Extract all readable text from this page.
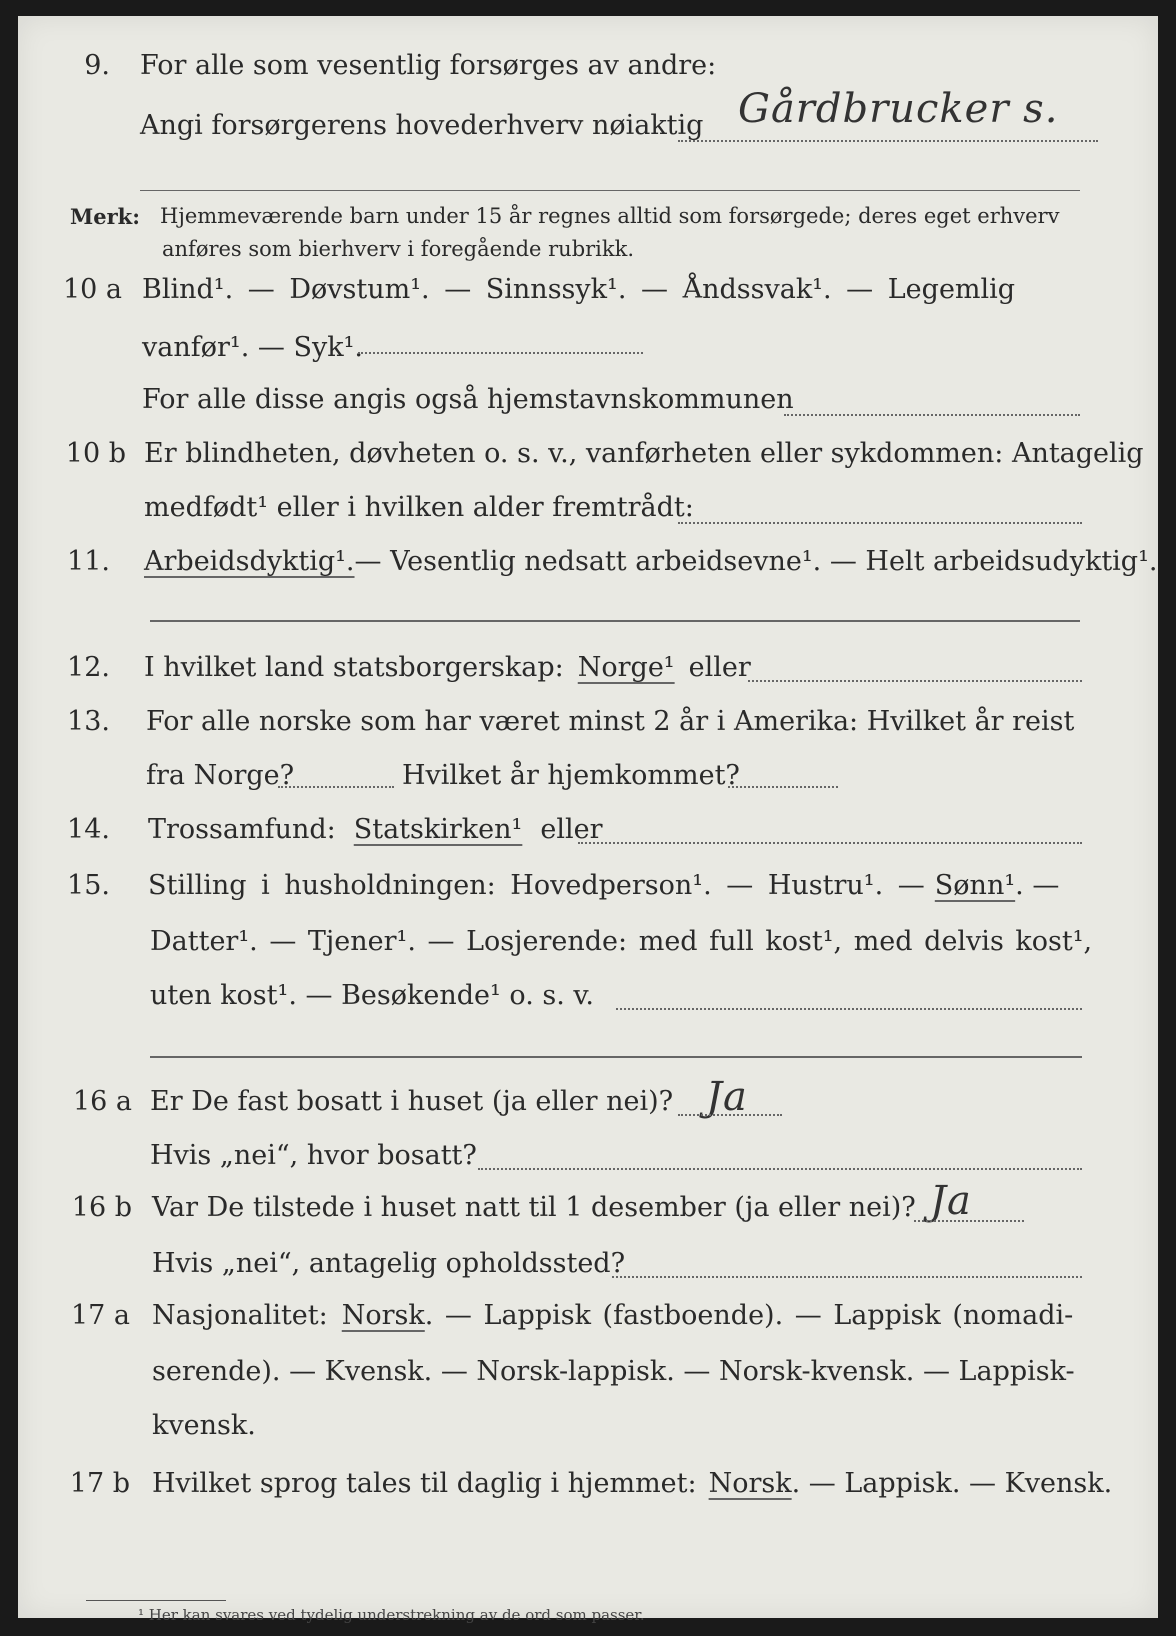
9. For alle som vesentlig forsørges av andre:
Angi forsørgerens hovederhverv nøiaktig Gårdbrucker s.
Merk: Hjemmeværende barn under 15 år regnes alltid som forsørgede; deres eget erhverv
anføres som bierhverv i foregående rubrikk.
10 a Blind¹. — Døvstum¹. — Sinnssyk¹. — Åndssvak¹. — Legemlig
vanfør¹. — Syk¹.
For alle disse angis også hjemstavnskommunen
10 b Er blindheten, døvheten o. s. v., vanførheten eller sykdommen: Antagelig
medfødt¹ eller i hvilken alder fremtrådt:
11. Arbeidsdyktig¹. — Vesentlig nedsatt arbeidsevne¹. — Helt arbeidsudyktig¹.
12. I hvilket land statsborgerskap: Norge¹ eller
13. For alle norske som har været minst 2 år i Amerika: Hvilket år reist
fra Norge?	Hvilket år hjemkommet?
14. Trossamfund: Statskirken¹ eller
15. Stilling i husholdningen: Hovedperson¹. — Hustru¹. — Sønn¹ . —
Datter¹. — Tjener¹. — Losjerende: med full kost¹, med delvis kost¹,
uten kost¹. — Besøkende¹ o. s. v.
16 a Er De fast bosatt i huset (ja eller nei)? Ja
Hvis „nei“, hvor bosatt?
16 b Var De tilstede i huset natt til 1 desember (ja eller nei)? Ja
Hvis „nei“, antagelig opholdssted?
17 a Nasjonalitet: Norsk . — Lappisk (fastboende). — Lappisk (nomadi-
serende). — Kvensk. — Norsk-lappisk. — Norsk-kvensk. — Lappisk-
kvensk.
17 b Hvilket sprog tales til daglig i hjemmet: Norsk . — Lappisk. — Kvensk.
¹ Her kan svares ved tydelig understrekning av de ord som passer.
